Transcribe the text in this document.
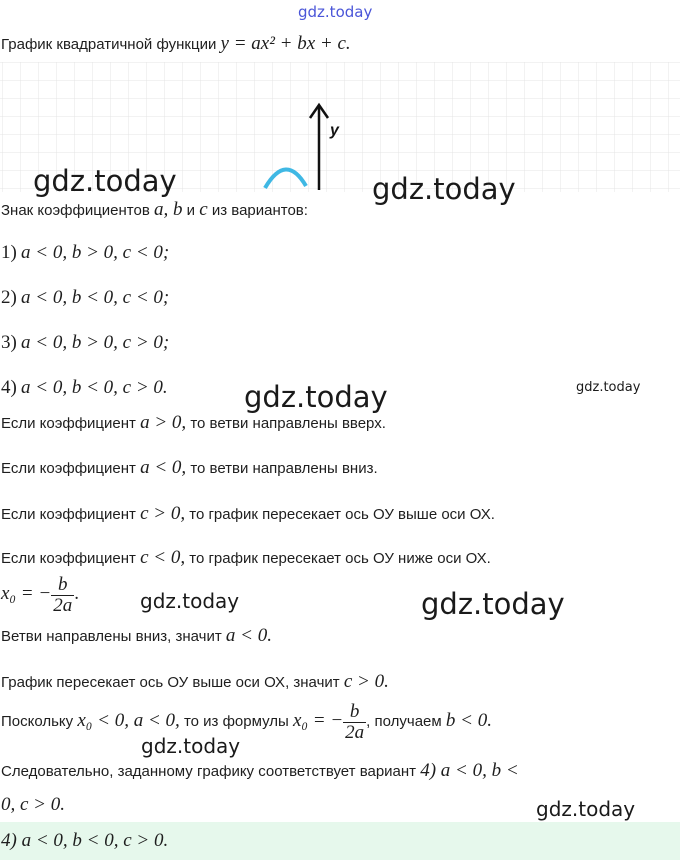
gdz.today
График квадратичной функции y = ax² + bx + c.
y
gdz.today	gdz.today
Знак коэффициентов a, b и c из вариантов:
1) a < 0, b > 0, c < 0;
2) a < 0, b < 0, c < 0;
3) a < 0, b > 0, c > 0;
4) a < 0, b < 0, c > 0.	gdz.today	gdz.today
Если коэффициент a > 0, то ветви направлены вверх.
Если коэффициент a < 0, то ветви направлены вниз.
Если коэффициент c > 0, то график пересекает ось ОУ выше оси ОХ.
Если коэффициент c < 0, то график пересекает ось ОУ ниже оси ОХ.
x₀ = − $\frac{b}{2a}$ .	gdz.today	gdz.today
Ветви направлены вниз, значит a < 0.
График пересекает ось ОУ выше оси ОХ, значит c > 0.
Поскольку x₀ < 0, a < 0, то из формулы x₀ = − $\frac{b}{2a}$ , получаем b < 0.
gdz.today
Следовательно, заданному графику соответствует вариант 4) a < 0, b <
0, c > 0.	gdz.today
4) a < 0, b < 0, c > 0.
